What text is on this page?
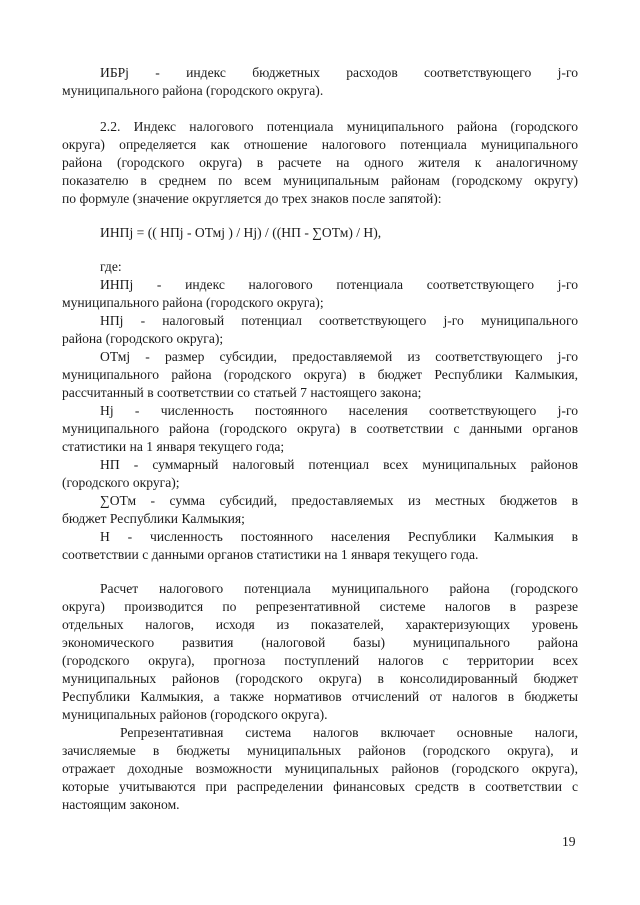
ИБРj - индекс бюджетных расходов соответствующего j-го
муниципального района (городского округа).
2.2. Индекс налогового потенциала муниципального района (городского
округа) определяется как отношение налогового потенциала муниципального
района (городского округа) в расчете на одного жителя к аналогичному
показателю в среднем по всем муниципальным районам (городскому округу)
по формуле (значение округляется до трех знаков после запятой):
ИНПj = (( НПj - ОТмj ) / Нj) / ((НП - ∑ОТм) / Н),
где:
ИНПj - индекс налогового потенциала соответствующего j-го
муниципального района (городского округа);
НПj - налоговый потенциал соответствующего j-го муниципального
района (городского округа);
ОТмj - размер субсидии, предоставляемой из соответствующего j-го
муниципального района (городского округа) в бюджет Республики Калмыкия,
рассчитанный в соответствии со статьей 7 настоящего закона;
Нj - численность постоянного населения соответствующего j-го
муниципального района (городского округа) в соответствии с данными органов
статистики на 1 января текущего года;
НП - суммарный налоговый потенциал всех муниципальных районов
(городского округа);
∑ОТм - сумма субсидий, предоставляемых из местных бюджетов в
бюджет Республики Калмыкия;
Н - численность постоянного населения Республики Калмыкия в
соответствии с данными органов статистики на 1 января текущего года.
Расчет налогового потенциала муниципального района (городского
округа) производится по репрезентативной системе налогов в разрезе
отдельных налогов, исходя из показателей, характеризующих уровень
экономического развития (налоговой базы) муниципального района
(городского округа), прогноза поступлений налогов с территории всех
муниципальных районов (городского округа) в консолидированный бюджет
Республики Калмыкия, а также нормативов отчислений от налогов в бюджеты
муниципальных районов (городского округа).
Репрезентативная система налогов включает основные налоги,
зачисляемые в бюджеты муниципальных районов (городского округа), и
отражает доходные возможности муниципальных районов (городского округа),
которые учитываются при распределении финансовых средств в соответствии с
настоящим законом.
19
